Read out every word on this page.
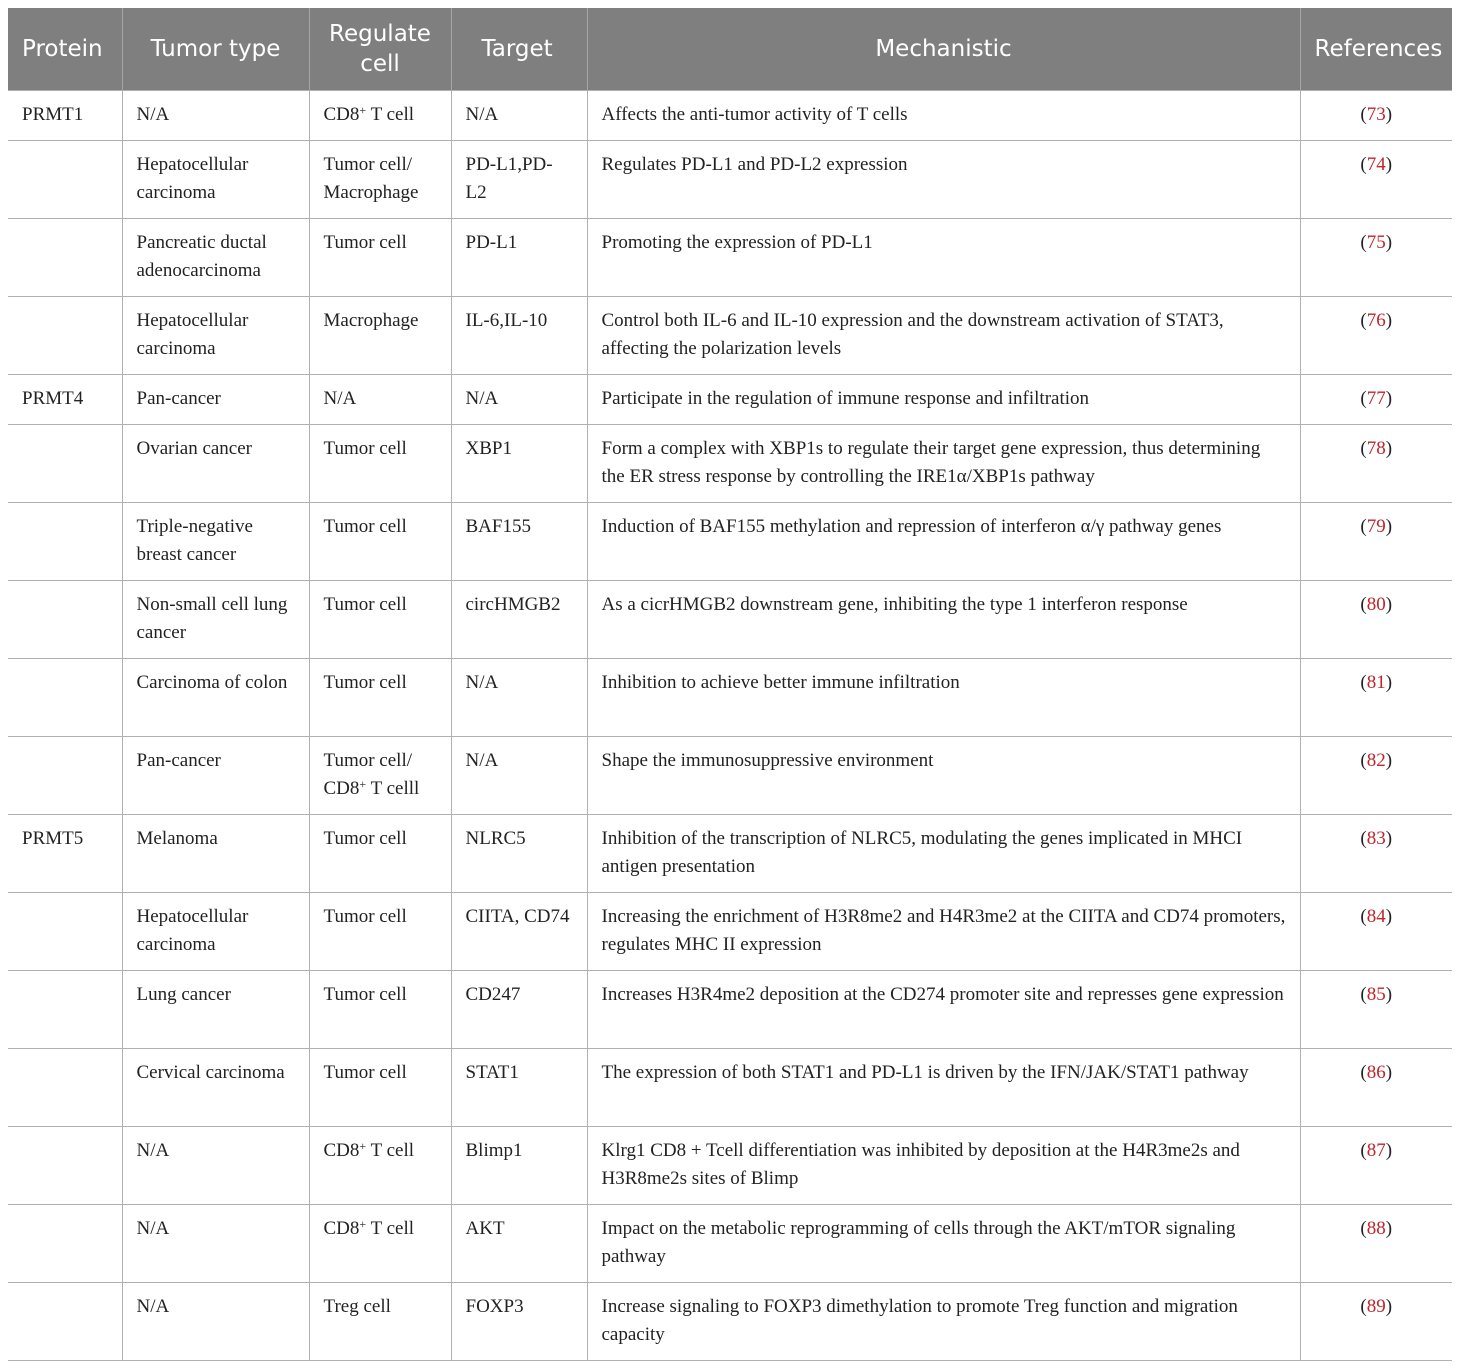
Protein	Tumor type	Regulate cell	Target	Mechanistic	References
PRMT1	N/A	CD8+ T cell	N/A	Affects the anti-tumor activity of T cells	(73)
	Hepatocellular carcinoma	Tumor cell/ Macrophage	PD-L1,PD-L2	Regulates PD-L1 and PD-L2 expression	(74)
	Pancreatic ductal adenocarcinoma	Tumor cell	PD-L1	Promoting the expression of PD-L1	(75)
	Hepatocellular carcinoma	Macrophage	IL-6,IL-10	Control both IL-6 and IL-10 expression and the downstream activation of STAT3, affecting the polarization levels	(76)
PRMT4	Pan-cancer	N/A	N/A	Participate in the regulation of immune response and infiltration	(77)
	Ovarian cancer	Tumor cell	XBP1	Form a complex with XBP1s to regulate their target gene expression, thus determining the ER stress response by controlling the IRE1α/XBP1s pathway	(78)
	Triple-negative breast cancer	Tumor cell	BAF155	Induction of BAF155 methylation and repression of interferon α/γ pathway genes	(79)
	Non-small cell lung cancer	Tumor cell	circHMGB2	As a cicrHMGB2 downstream gene, inhibiting the type 1 interferon response	(80)
	Carcinoma of colon	Tumor cell	N/A	Inhibition to achieve better immune infiltration	(81)
	Pan-cancer	Tumor cell/ CD8+ T celll	N/A	Shape the immunosuppressive environment	(82)
PRMT5	Melanoma	Tumor cell	NLRC5	Inhibition of the transcription of NLRC5, modulating the genes implicated in MHCI antigen presentation	(83)
	Hepatocellular carcinoma	Tumor cell	CIITA, CD74	Increasing the enrichment of H3R8me2 and H4R3me2 at the CIITA and CD74 promoters, regulates MHC II expression	(84)
	Lung cancer	Tumor cell	CD247	Increases H3R4me2 deposition at the CD274 promoter site and represses gene expression	(85)
	Cervical carcinoma	Tumor cell	STAT1	The expression of both STAT1 and PD-L1 is driven by the IFN/JAK/STAT1 pathway	(86)
	N/A	CD8+ T cell	Blimp1	Klrg1 CD8 + Tcell differentiation was inhibited by deposition at the H4R3me2s and H3R8me2s sites of Blimp	(87)
	N/A	CD8+ T cell	AKT	Impact on the metabolic reprogramming of cells through the AKT/mTOR signaling pathway	(88)
	N/A	Treg cell	FOXP3	Increase signaling to FOXP3 dimethylation to promote Treg function and migration capacity	(89)
